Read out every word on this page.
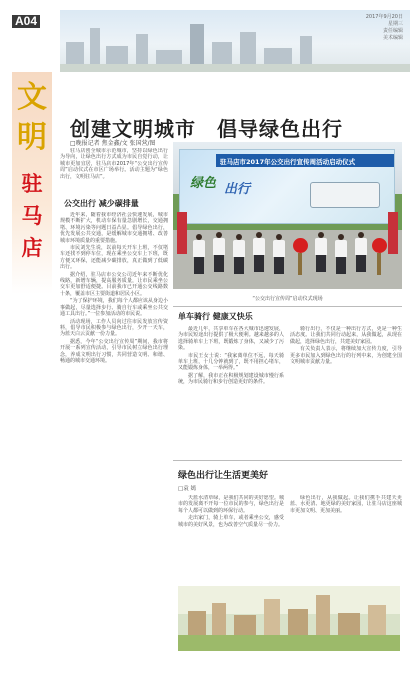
A04	2017年9月20日
星期三
责任编辑
美术编辑
文
明
驻
马
店
创建文明城市　倡导绿色出行
□晚报记者 焦金鑫/文 张国营/图

驻马店创全城市示范城市，坚持以绿色出行为导向，让绿色出行方式成为市民自觉行动，让城市更加宜居，驻马店市2017年“公交出行宣传周”启动仪式在市区广场举行。活动主题为“绿色出行，文明驻马店”。

公交出行 减少碳排量

近年来，随着我市经济社会快速发展，城市规模不断扩大，机动车保有量急剧增长，交通拥堵、环境污染等问题日益凸显。倡导绿色出行，优先发展公共交通，是缓解城市交通拥堵、改善城市环境质量的重要措施。

市民刘先生说，以前每天开车上班，不仅堵车还找不到停车位，现在乘坐公交车上下班，既方便又环保，还能减少碳排放，真正做到了低碳出行。

据介绍，驻马店市公交公司近年来不断优化线路，新增车辆，提高服务质量，让市民乘坐公交车更加舒适便捷。目前我市已开通公交线路数十条，覆盖市区主要街道和居民小区。

“为了保护环境，我们每个人都应该从身边小事做起，尽量选择步行、骑自行车或乘坐公共交通工具出行。”一位参加活动的市民说。

活动现场，工作人员向过往市民发放宣传资料，倡导市民积极参与绿色出行，少开一天车，为蓝天白云贡献一份力量。

据悉，今年“公交出行宣传周”期间，我市将开展一系列宣传活动，引导市民树立绿色出行理念，养成文明出行习惯，共同营造文明、和谐、畅通的城市交通环境。

驻马店市2017年公交出行宣传周活动启动仪式
绿色 出行
“公交出行宣传周”启动仪式现场
单车骑行 健康又快乐

最近几年，共享单车在各大城市迅速发展，为市民短途出行提供了极大便利。越来越多的人选择骑单车上下班，既锻炼了身体，又减少了污染。

市民王女士说：“我家离单位不远，每天骑单车上班，十几分钟就到了，既不用担心堵车，又能锻炼身体，一举两得。”

据了解，我市正在积极规划建设城市慢行系统，为市民骑行和步行创造更好的条件。

骑行出行，不仅是一种出行方式，更是一种生活态度。让我们共同行动起来，从我做起，从现在做起，选择绿色出行，共建美好家园。

有关负责人表示，将继续加大宣传力度，引导更多市民加入到绿色出行的行列中来，为创建全国文明城市贡献力量。

绿色出行让生活更美好
□袁 嫣

天蓝水清草绿，是我们共同的美好愿望。城市的发展离不开每一位市民的参与，绿色出行是每个人都可以做到的环保行动。

走出家门，骑上单车，或者乘坐公交，感受城市的美好风景，也为改善空气质量尽一份力。

绿色出行，从我做起。让我们携手共建天更蓝、水更清、地更绿的美好家园，让驻马店这座城市更加文明、更加美丽。
